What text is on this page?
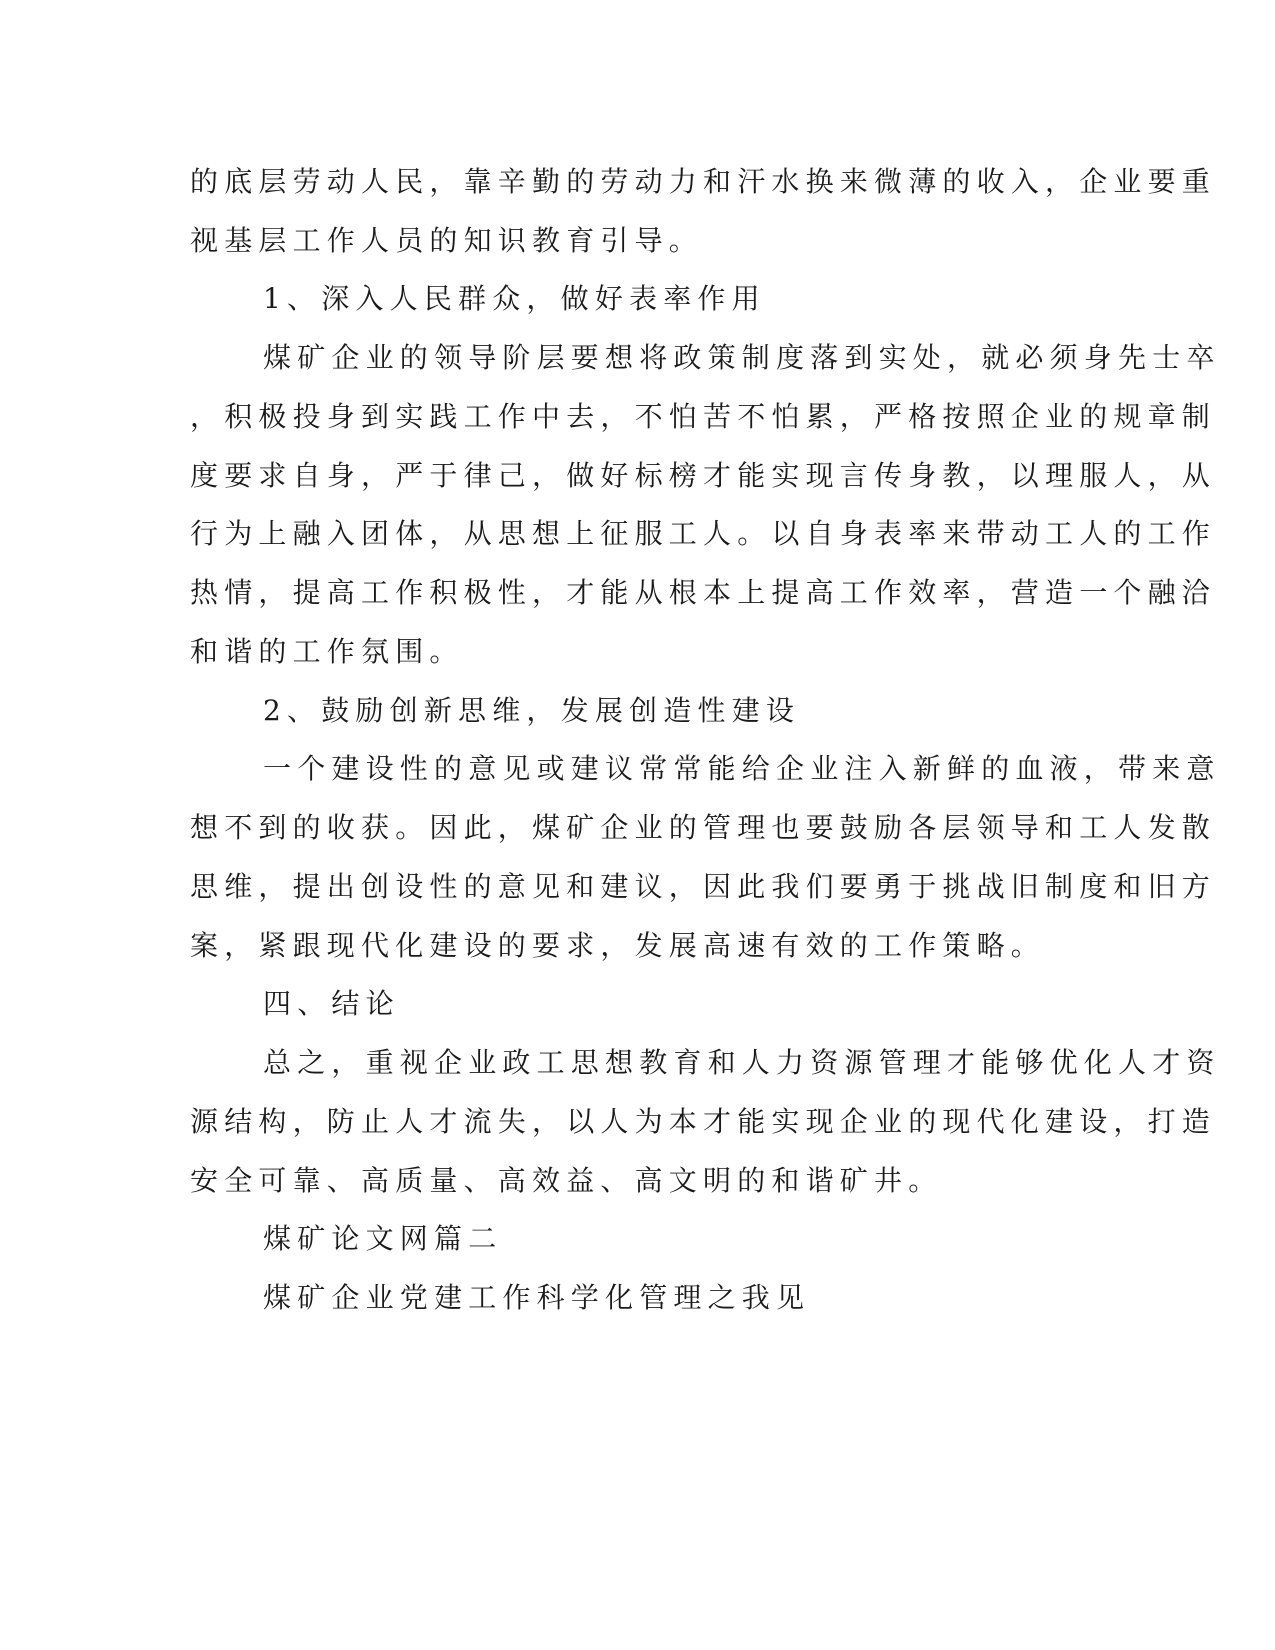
的底层劳动人民，靠辛勤的劳动力和汗水换来微薄的收入，企业要重

视基层工作人员的知识教育引导。

1、深入人民群众，做好表率作用

煤矿企业的领导阶层要想将政策制度落到实处，就必须身先士卒

，积极投身到实践工作中去，不怕苦不怕累，严格按照企业的规章制

度要求自身，严于律己，做好标榜才能实现言传身教，以理服人，从

行为上融入团体，从思想上征服工人。以自身表率来带动工人的工作

热情，提高工作积极性，才能从根本上提高工作效率，营造一个融洽

和谐的工作氛围。

2、鼓励创新思维，发展创造性建设

一个建设性的意见或建议常常能给企业注入新鲜的血液，带来意

想不到的收获。因此，煤矿企业的管理也要鼓励各层领导和工人发散

思维，提出创设性的意见和建议，因此我们要勇于挑战旧制度和旧方

案，紧跟现代化建设的要求，发展高速有效的工作策略。

四、结论

总之，重视企业政工思想教育和人力资源管理才能够优化人才资

源结构，防止人才流失，以人为本才能实现企业的现代化建设，打造

安全可靠、高质量、高效益、高文明的和谐矿井。

煤矿论文网篇二

煤矿企业党建工作科学化管理之我见
